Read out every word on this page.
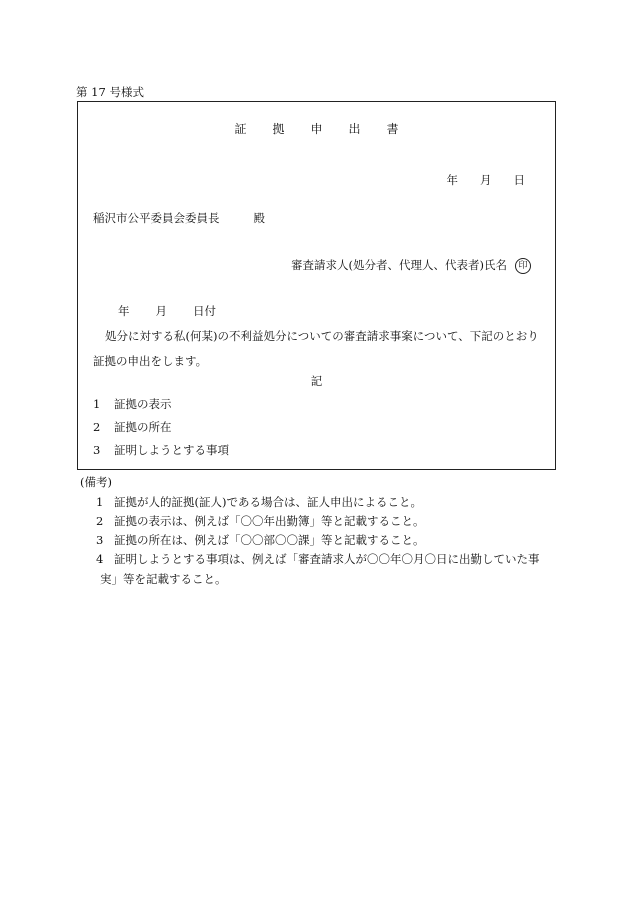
第 17 号様式
証 拠 申 出 書
年 月 日
稲沢市公平委員会委員長	殿
審査請求人(処分者、代理人、代表者)氏名 印
年 月 日付
処分に対する私(何某)の不利益処分についての審査請求事案について、下記のとおり証拠の申出をします。
記
1 証拠の表示
2 証拠の所在
3 証明しようとする事項
(備考)
1 証拠が人的証拠(証人)である場合は、証人申出によること。
2 証拠の表示は、例えば「〇〇年出勤簿」等と記載すること。
3 証拠の所在は、例えば「〇〇部〇〇課」等と記載すること。
4 証明しようとする事項は、例えば「審査請求人が〇〇年〇月〇日に出勤していた事
実」等を記載すること。
